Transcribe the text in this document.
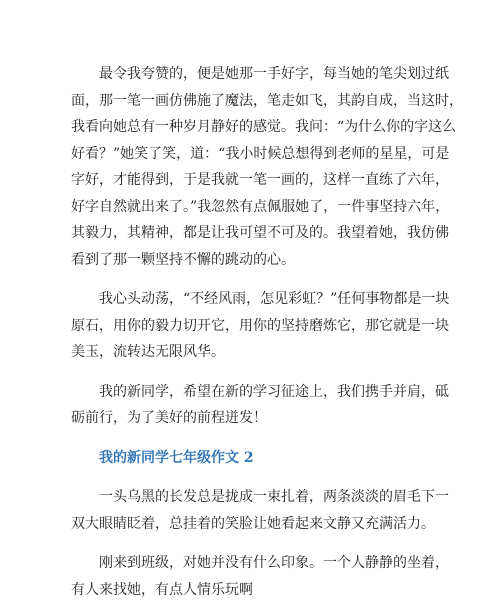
最令我夸赞的，便是她那一手好字，每当她的笔尖划过纸
面，那一笔一画仿佛施了魔法，笔走如飞，其韵自成，当这时，
我看向她总有一种岁月静好的感觉。我问：“为什么你的字这么
好看？”她笑了笑，道：“我小时候总想得到老师的星星，可是
字好，才能得到，于是我就一笔一画的，这样一直练了六年，
好字自然就出来了。”我忽然有点佩服她了，一件事坚持六年，
其毅力，其精神，都是让我可望不可及的。我望着她，我仿佛
看到了那一颗坚持不懈的跳动的心。
我心头动荡，“不经风雨，怎见彩虹？”任何事物都是一块
原石，用你的毅力切开它，用你的坚持磨炼它，那它就是一块
美玉，流转达无限风华。
我的新同学，希望在新的学习征途上，我们携手并肩，砥
砺前行，为了美好的前程迸发！
我的新同学七年级作文 2
一头乌黑的长发总是拢成一束扎着，两条淡淡的眉毛下一
双大眼睛眨着，总挂着的笑脸让她看起来文静又充满活力。
刚来到班级，对她并没有什么印象。一个人静静的坐着，
有人来找她，有点人情乐玩啊
